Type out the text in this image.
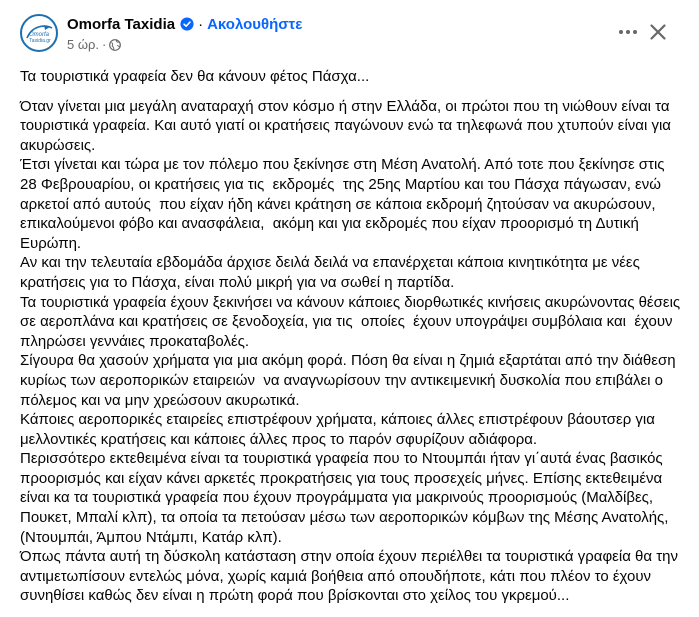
Omorfa
Taxidia.gr
Omorfa Taxidia · Ακολουθήστε
5 ώρ. ·

Τα τουριστικά γραφεία δεν θα κάνουν φέτος Πάσχα...

Όταν γίνεται μια μεγάλη αναταραχή στον κόσμο ή στην Ελλάδα, οι πρώτοι που τη νιώθουν είναι τα τουριστικά γραφεία. Και αυτό γιατί οι κρατήσεις παγώνουν ενώ τα τηλεφωνά που χτυπούν είναι για ακυρώσεις.

Έτσι γίνεται και τώρα με τον πόλεμο που ξεκίνησε στη Μέση Ανατολή. Από τοτε που ξεκίνησε στις 28 Φεβρουαρίου, οι κρατήσεις για τις  εκδρομές  της 25ης Μαρτίου και του Πάσχα πάγωσαν, ενώ αρκετοί από αυτούς  που είχαν ήδη κάνει κράτηση σε κάποια εκδρομή ζητούσαν να ακυρώσουν, επικαλούμενοι φόβο και ανασφάλεια,  ακόμη και για εκδρομές που είχαν προορισμό τη Δυτική Ευρώπη.

Αν και την τελευταία εβδομάδα άρχισε δειλά δειλά να επανέρχεται κάποια κινητικότητα με νέες κρατήσεις για το Πάσχα, είναι πολύ μικρή για να σωθεί η παρτίδα.

Τα τουριστικά γραφεία έχουν ξεκινήσει να κάνουν κάποιες διορθωτικές κινήσεις ακυρώνοντας θέσεις σε αεροπλάνα και κρατήσεις σε ξενοδοχεία, για τις  οποίες  έχουν υπογράψει συμβόλαια και  έχουν πληρώσει γεννάιες προκαταβολές.

Σίγουρα θα χασούν χρήματα για μια ακόμη φορά. Πόση θα είναι η ζημιά εξαρτάται από την διάθεση κυρίως των αεροπορικών εταιρειών  να αναγνωρίσουν την αντικειμενική δυσκολία που επιβάλει ο πόλεμος και να μην χρεώσουν ακυρωτικά.

Κάποιες αεροπορικές εταιρείες επιστρέφουν χρήματα, κάποιες άλλες επιστρέφουν βάουτσερ για μελλοντικές κρατήσεις και κάποιες άλλες προς το παρόν σφυρίζουν αδιάφορα.

Περισσότερο εκτεθειμένα είναι τα τουριστικά γραφεία που το Ντουμπάι ήταν γι΄αυτά ένας βασικός προορισμός και είχαν κάνει αρκετές προκρατήσεις για τους προσεχείς μήνες. Επίσης εκτεθειμένα είναι κα τα τουριστικά γραφεία που έχουν προγράμματα για μακρινούς προορισμούς (Μαλδίβες, Πουκετ, Μπαλί κλπ), τα οποία τα πετούσαν μέσω των αεροπορικών κόμβων της Μέσης Ανατολής, (Ντουμπάι, Άμπου Ντάμπι, Κατάρ κλπ).

Όπως πάντα αυτή τη δύσκολη κατάσταση στην οποία έχουν περιέλθει τα τουριστικά γραφεία θα την αντιμετωπίσουν εντελώς μόνα, χωρίς καμιά βοήθεια από οπουδήποτε, κάτι που πλέον το έχουν συνηθίσει καθώς δεν είναι η πρώτη φορά που βρίσκονται στο χείλος του γκρεμού...
